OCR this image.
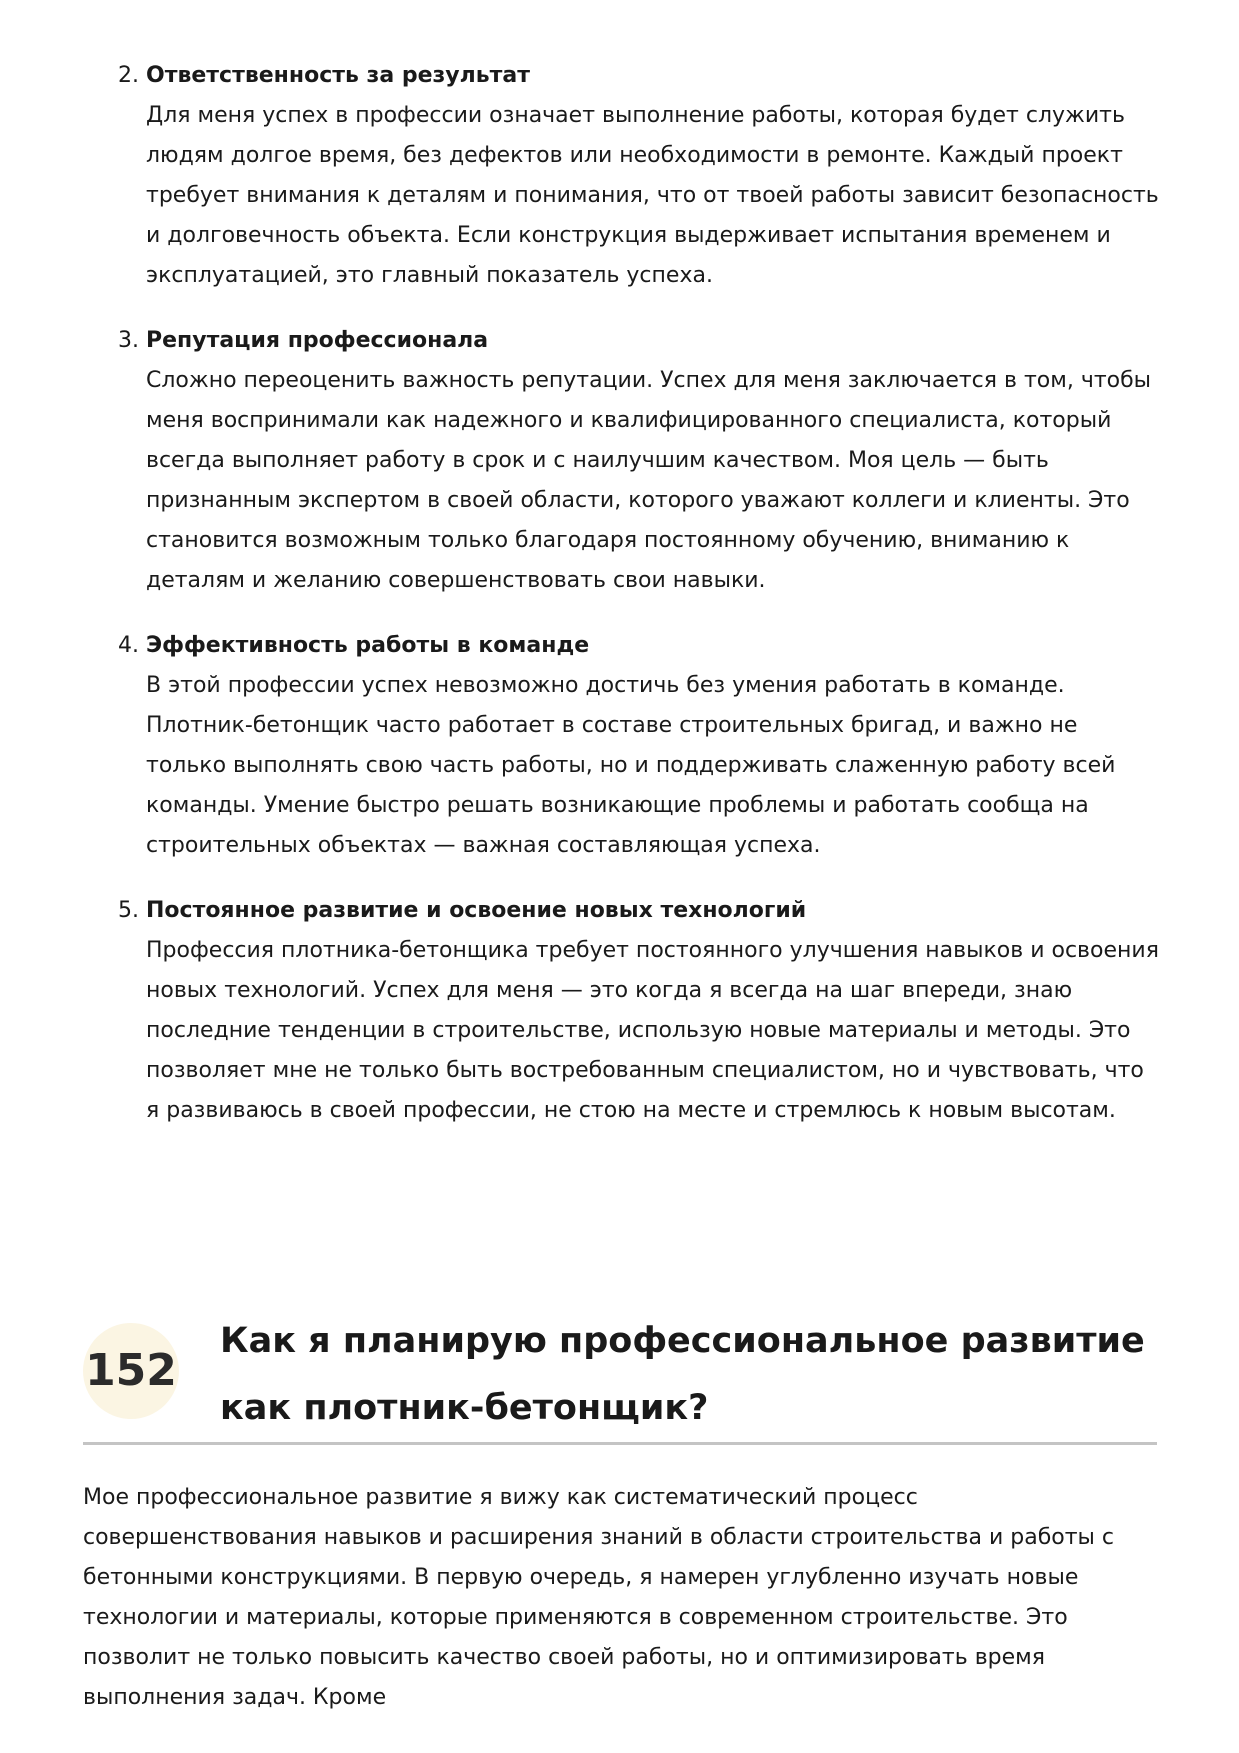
2. Ответственность за результат

Для меня успех в профессии означает выполнение работы, которая будет служить людям долгое время, без дефектов или необходимости в ремонте. Каждый проект требует внимания к деталям и понимания, что от твоей работы зависит безопасность и долговечность объекта. Если конструкция выдерживает испытания временем и эксплуатацией, это главный показатель успеха.

3. Репутация профессионала

Сложно переоценить важность репутации. Успех для меня заключается в том, чтобы меня воспринимали как надежного и квалифицированного специалиста, который всегда выполняет работу в срок и с наилучшим качеством. Моя цель — быть признанным экспертом в своей области, которого уважают коллеги и клиенты. Это становится возможным только благодаря постоянному обучению, вниманию к деталям и желанию совершенствовать свои навыки.

4. Эффективность работы в команде

В этой профессии успех невозможно достичь без умения работать в команде. Плотник-бетонщик часто работает в составе строительных бригад, и важно не только выполнять свою часть работы, но и поддерживать слаженную работу всей команды. Умение быстро решать возникающие проблемы и работать сообща на строительных объектах — важная составляющая успеха.

5. Постоянное развитие и освоение новых технологий

Профессия плотника-бетонщика требует постоянного улучшения навыков и освоения новых технологий. Успех для меня — это когда я всегда на шаг впереди, знаю последние тенденции в строительстве, использую новые материалы и методы. Это позволяет мне не только быть востребованным специалистом, но и чувствовать, что я развиваюсь в своей профессии, не стою на месте и стремлюсь к новым высотам.

152
Как я планирую профессиональное развитие как плотник-бетонщик?

Мое профессиональное развитие я вижу как систематический процесс совершенствования навыков и расширения знаний в области строительства и работы с бетонными конструкциями. В первую очередь, я намерен углубленно изучать новые технологии и материалы, которые применяются в современном строительстве. Это позволит не только повысить качество своей работы, но и оптимизировать время выполнения задач. Кроме
